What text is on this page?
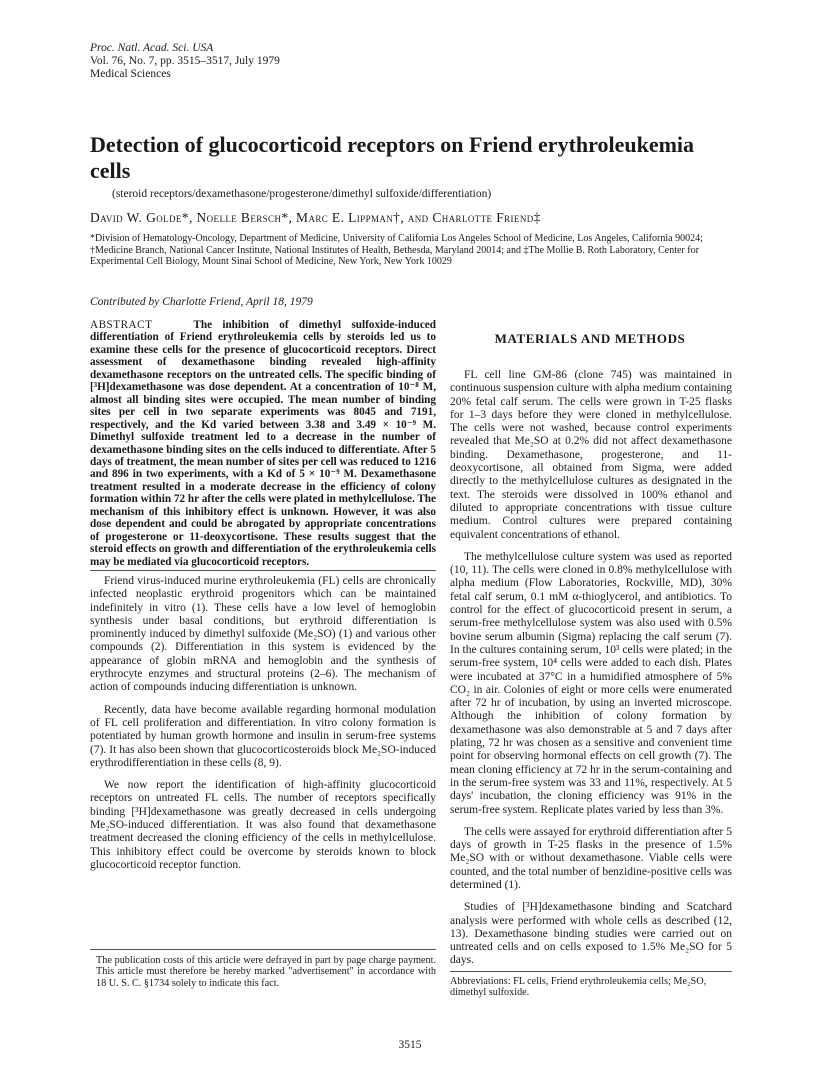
Proc. Natl. Acad. Sci. USA
Vol. 76, No. 7, pp. 3515–3517, July 1979
Medical Sciences
Detection of glucocorticoid receptors on Friend erythroleukemia cells
(steroid receptors/dexamethasone/progesterone/dimethyl sulfoxide/differentiation)
David W. Golde*, Noelle Bersch*, Marc E. Lippman†, and Charlotte Friend‡
*Division of Hematology-Oncology, Department of Medicine, University of California Los Angeles School of Medicine, Los Angeles, California 90024; †Medicine Branch, National Cancer Institute, National Institutes of Health, Bethesda, Maryland 20014; and ‡The Mollie B. Roth Laboratory, Center for Experimental Cell Biology, Mount Sinai School of Medicine, New York, New York 10029
Contributed by Charlotte Friend, April 18, 1979
ABSTRACT	The inhibition of dimethyl sulfoxide-induced differentiation of Friend erythroleukemia cells by steroids led us to examine these cells for the presence of glucocorticoid receptors. Direct assessment of dexamethasone binding revealed high-affinity dexamethasone receptors on the untreated cells. The specific binding of [³H]dexamethasone was dose dependent. At a concentration of 10⁻⁸ M, almost all binding sites were occupied. The mean number of binding sites per cell in two separate experiments was 8045 and 7191, respectively, and the Kd varied between 3.38 and 3.49 × 10⁻⁹ M. Dimethyl sulfoxide treatment led to a decrease in the number of dexamethasone binding sites on the cells induced to differentiate. After 5 days of treatment, the mean number of sites per cell was reduced to 1216 and 896 in two experiments, with a Kd of 5 × 10⁻⁹ M. Dexamethasone treatment resulted in a moderate decrease in the efficiency of colony formation within 72 hr after the cells were plated in methylcellulose. The mechanism of this inhibitory effect is unknown. However, it was also dose dependent and could be abrogated by appropriate concentrations of progesterone or 11-deoxycortisone. These results suggest that the steroid effects on growth and differentiation of the erythroleukemia cells may be mediated via glucocorticoid receptors.

Friend virus-induced murine erythroleukemia (FL) cells are chronically infected neoplastic erythroid progenitors which can be maintained indefinitely in vitro (1). These cells have a low level of hemoglobin synthesis under basal conditions, but erythroid differentiation is prominently induced by dimethyl sulfoxide (Me₂SO) (1) and various other compounds (2). Differentiation in this system is evidenced by the appearance of globin mRNA and hemoglobin and the synthesis of erythrocyte enzymes and structural proteins (2–6). The mechanism of action of compounds inducing differentiation is unknown.

Recently, data have become available regarding hormonal modulation of FL cell proliferation and differentiation. In vitro colony formation is potentiated by human growth hormone and insulin in serum-free systems (7). It has also been shown that glucocorticosteroids block Me₂SO-induced erythrodifferentiation in these cells (8, 9).

We now report the identification of high-affinity glucocorticoid receptors on untreated FL cells. The number of receptors specifically binding [³H]dexamethasone was greatly decreased in cells undergoing Me₂SO-induced differentiation. It was also found that dexamethasone treatment decreased the cloning efficiency of the cells in methylcellulose. This inhibitory effect could be overcome by steroids known to block glucocorticoid receptor function.

The publication costs of this article were defrayed in part by page charge payment. This article must therefore be hereby marked "advertisement" in accordance with 18 U. S. C. §1734 solely to indicate this fact.
MATERIALS AND METHODS

FL cell line GM-86 (clone 745) was maintained in continuous suspension culture with alpha medium containing 20% fetal calf serum. The cells were grown in T-25 flasks for 1–3 days before they were cloned in methylcellulose. The cells were not washed, because control experiments revealed that Me₂SO at 0.2% did not affect dexamethasone binding. Dexamethasone, progesterone, and 11-deoxycortisone, all obtained from Sigma, were added directly to the methylcellulose cultures as designated in the text. The steroids were dissolved in 100% ethanol and diluted to appropriate concentrations with tissue culture medium. Control cultures were prepared containing equivalent concentrations of ethanol.

The methylcellulose culture system was used as reported (10, 11). The cells were cloned in 0.8% methylcellulose with alpha medium (Flow Laboratories, Rockville, MD), 30% fetal calf serum, 0.1 mM α-thioglycerol, and antibiotics. To control for the effect of glucocorticoid present in serum, a serum-free methylcellulose system was also used with 0.5% bovine serum albumin (Sigma) replacing the calf serum (7). In the cultures containing serum, 10³ cells were plated; in the serum-free system, 10⁴ cells were added to each dish. Plates were incubated at 37°C in a humidified atmosphere of 5% CO₂ in air. Colonies of eight or more cells were enumerated after 72 hr of incubation, by using an inverted microscope. Although the inhibition of colony formation by dexamethasone was also demonstrable at 5 and 7 days after plating, 72 hr was chosen as a sensitive and convenient time point for observing hormonal effects on cell growth (7). The mean cloning efficiency at 72 hr in the serum-containing and in the serum-free system was 33 and 11%, respectively. At 5 days' incubation, the cloning efficiency was 91% in the serum-free system. Replicate plates varied by less than 3%.

The cells were assayed for erythroid differentiation after 5 days of growth in T-25 flasks in the presence of 1.5% Me₂SO with or without dexamethasone. Viable cells were counted, and the total number of benzidine-positive cells was determined (1).

Studies of [³H]dexamethasone binding and Scatchard analysis were performed with whole cells as described (12, 13). Dexamethasone binding studies were carried out on untreated cells and on cells exposed to 1.5% Me₂SO for 5 days.

Abbreviations: FL cells, Friend erythroleukemia cells; Me₂SO, dimethyl sulfoxide.
3515
